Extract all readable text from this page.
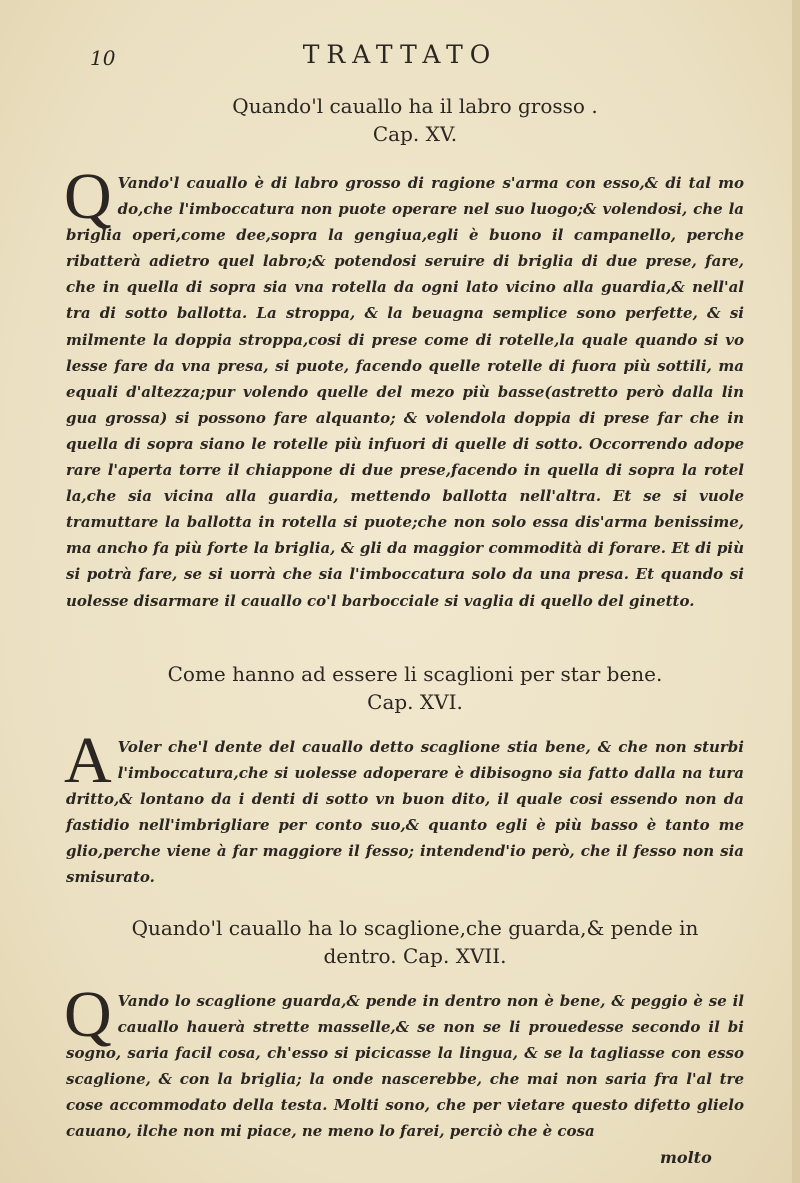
10	TRATTATO
Quando'l cauallo ha il labro grosso .
Cap. XV.

Q Vando'l cauallo è di labro grosso di ragione s'arma con esso,& di tal mo do,che l'imboccatura non puote operare nel suo luogo;& volendosi, che la briglia operi,come dee,sopra la gengiua,egli è buono il campanello, perche ribatterà adietro quel labro;& potendosi seruire di briglia di due prese, fare, che in quella di sopra sia vna rotella da ogni lato vicino alla guardia,& nell'al tra di sotto ballotta. La stroppa, & la beuagna semplice sono perfette, & si milmente la doppia stroppa,cosi di prese come di rotelle,la quale quando si vo lesse fare da vna presa, si puote, facendo quelle rotelle di fuora più sottili, ma equali d'altezza;pur volendo quelle del mezo più basse(astretto però dalla lin gua grossa) si possono fare alquanto; & volendola doppia di prese far che in quella di sopra siano le rotelle più infuori di quelle di sotto. Occorrendo adope rare l'aperta torre il chiappone di due prese,facendo in quella di sopra la rotel la,che sia vicina alla guardia, mettendo ballotta nell'altra. Et se si vuole tramuttare la ballotta in rotella si puote;che non solo essa dis'arma benissime, ma ancho fa più forte la briglia, & gli da maggior commodità di forare. Et di più si potrà fare, se si uorrà che sia l'imboccatura solo da una presa. Et quando si uolesse disarmare il cauallo co'l barbocciale si vaglia di quello del ginetto.

Come hanno ad essere li scaglioni per star bene.
Cap. XVI.

A Voler che'l dente del cauallo detto scaglione stia bene, & che non sturbi l'imboccatura,che si uolesse adoperare è dibisogno sia fatto dalla na tura dritto,& lontano da i denti di sotto vn buon dito, il quale cosi essendo non da fastidio nell'imbrigliare per conto suo,& quanto egli è più basso è tanto me glio,perche viene à far maggiore il fesso; intendend'io però, che il fesso non sia smisurato.

Quando'l cauallo ha lo scaglione,che guarda,& pende in
dentro. Cap. XVII.

Q Vando lo scaglione guarda,& pende in dentro non è bene, & peggio è se il cauallo hauerà strette masselle,& se non se li prouedesse secondo il bi sogno, saria facil cosa, ch'esso si picicasse la lingua, & se la tagliasse con esso scaglione, & con la briglia; la onde nascerebbe, che mai non saria fra l'al tre cose accommodato della testa. Molti sono, che per vietare questo difetto glielo cauano, ilche non mi piace, ne meno lo farei, perciò che è cosa

molto
